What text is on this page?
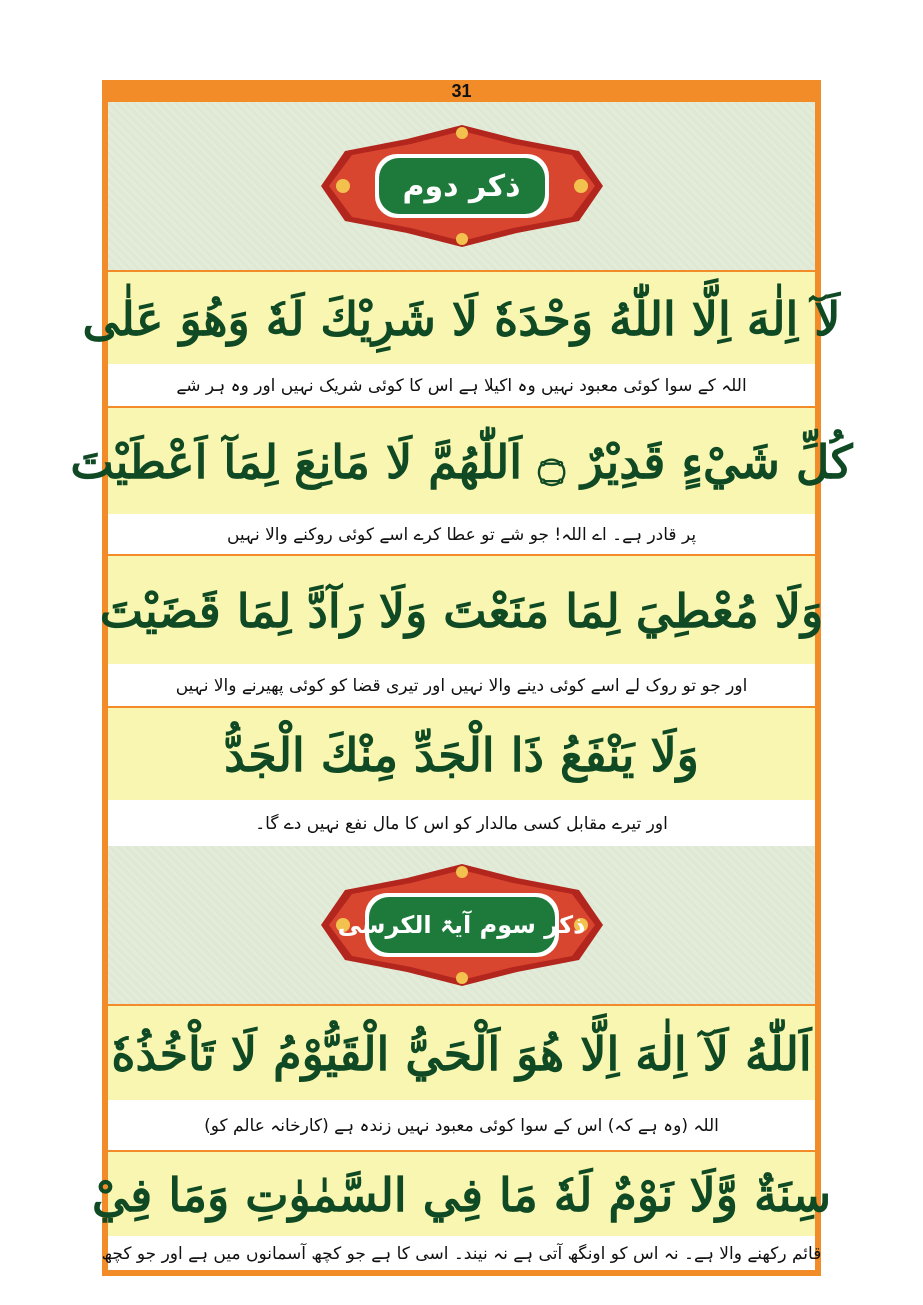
31
ذکر دوم
لَآ اِلٰهَ اِلَّا اللّٰهُ وَحْدَهٗ لَا شَرِيْكَ لَهٗ وَهُوَ عَلٰى
اللہ کے سوا کوئی معبود نہیں وہ اکیلا ہے اس کا کوئی شریک نہیں اور وہ ہر شے
كُلِّ شَيْءٍ قَدِيْرٌ ۝ اَللّٰهُمَّ لَا مَانِعَ لِمَآ اَعْطَيْتَ
پر قادر ہے۔ اے اللہ! جو شے تو عطا کرے اسے کوئی روکنے والا نہیں
وَلَا مُعْطِيَ لِمَا مَنَعْتَ وَلَا رَآدَّ لِمَا قَضَيْتَ
اور جو تو روک لے اسے کوئی دینے والا نہیں اور تیری قضا کو کوئی پھیرنے والا نہیں
وَلَا يَنْفَعُ ذَا الْجَدِّ مِنْكَ الْجَدُّ
اور تیرے مقابل کسی مالدار کو اس کا مال نفع نہیں دے گا۔
ذکر سوم آیۃ الکرسی
اَللّٰهُ لَآ اِلٰهَ اِلَّا هُوَ اَلْحَيُّ الْقَيُّوْمُ لَا تَاْخُذُهٗ
اللہ (وہ ہے کہ) اس کے سوا کوئی معبود نہیں زندہ ہے (کارخانہ عالم کو)
سِنَةٌ وَّلَا نَوْمٌ لَهٗ مَا فِي السَّمٰوٰتِ وَمَا فِيْ
قائم رکھنے والا ہے۔ نہ اس کو اونگھ آتی ہے نہ نیند۔ اسی کا ہے جو کچھ آسمانوں میں ہے اور جو کچھ
